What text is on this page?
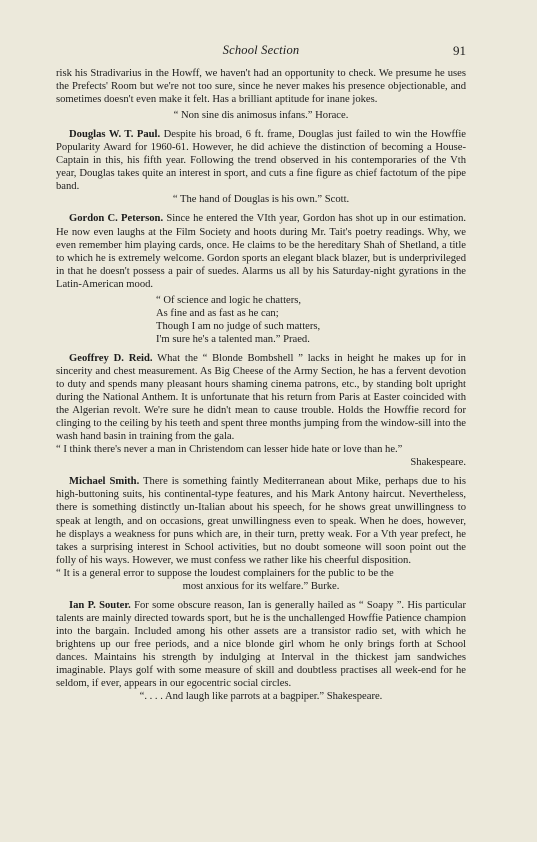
School Section	91

risk his Stradivarius in the Howff, we haven't had an opportunity to check. We presume he uses the Prefects' Room but we're not too sure, since he never makes his presence objectionable, and sometimes doesn't even make it felt. Has a brilliant aptitude for inane jokes.

“ Non sine dis animosus infans.” Horace.

Douglas W. T. Paul. Despite his broad, 6 ft. frame, Douglas just failed to win the Howffie Popularity Award for 1960-61. However, he did achieve the distinction of becoming a House-Captain in this, his fifth year. Following the trend observed in his contemporaries of the Vth year, Douglas takes quite an interest in sport, and cuts a fine figure as chief factotum of the pipe band.

“ The hand of Douglas is his own.” Scott.

Gordon C. Peterson. Since he entered the VIth year, Gordon has shot up in our estimation. He now even laughs at the Film Society and hoots during Mr. Tait's poetry readings. Why, we even remember him playing cards, once. He claims to be the hereditary Shah of Shetland, a title to which he is extremely welcome. Gordon sports an elegant black blazer, but is underprivileged in that he doesn't possess a pair of suedes. Alarms us all by his Saturday-night gyrations in the Latin-American mood.

“ Of science and logic he chatters,

As fine and as fast as he can;

Though I am no judge of such matters,

I'm sure he's a talented man.” Praed.

Geoffrey D. Reid. What the “ Blonde Bombshell ” lacks in height he makes up for in sincerity and chest measurement. As Big Cheese of the Army Section, he has a fervent devotion to duty and spends many pleasant hours shaming cinema patrons, etc., by standing bolt upright during the National Anthem. It is unfortunate that his return from Paris at Easter coincided with the Algerian revolt. We're sure he didn't mean to cause trouble. Holds the Howffie record for clinging to the ceiling by his teeth and spent three months jumping from the window-sill into the wash hand basin in training from the gala.

“ I think there's never a man in Christendom can lesser hide hate or love than he.”

Shakespeare.

Michael Smith. There is something faintly Mediterranean about Mike, perhaps due to his high-buttoning suits, his continental-type features, and his Mark Antony haircut. Nevertheless, there is something distinctly un-Italian about his speech, for he shows great unwillingness to speak at length, and on occasions, great unwillingness even to speak. When he does, however, he displays a weakness for puns which are, in their turn, pretty weak. For a Vth year prefect, he takes a surprising interest in School activities, but no doubt someone will soon point out the folly of his ways. However, we must confess we rather like his cheerful disposition.

“ It is a general error to suppose the loudest complainers for the public to be the

most anxious for its welfare.” Burke.

Ian P. Souter. For some obscure reason, Ian is generally hailed as “ Soapy ”. His particular talents are mainly directed towards sport, but he is the unchallenged Howffie Patience champion into the bargain. Included among his other assets are a transistor radio set, with which he brightens up our free periods, and a nice blonde girl whom he only brings forth at School dances. Maintains his strength by indulging at Interval in the thickest jam sandwiches imaginable. Plays golf with some measure of skill and doubtless practises all week-end for he seldom, if ever, appears in our egocentric social circles.

“. . . . And laugh like parrots at a bagpiper.” Shakespeare.
